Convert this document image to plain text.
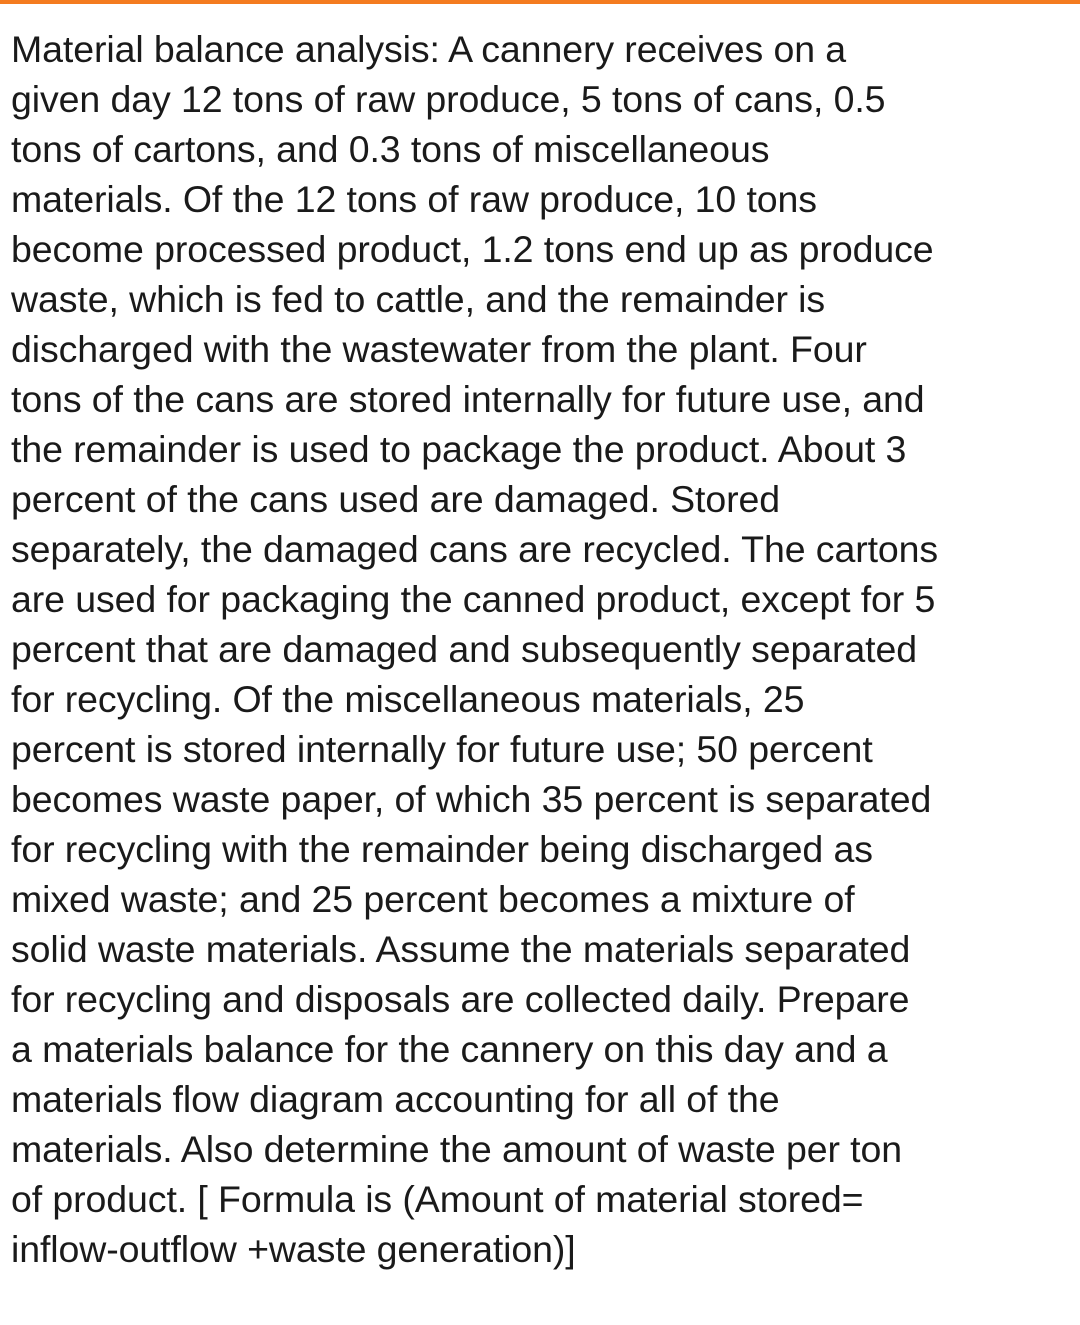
Material balance analysis: A cannery receives on a
given day 12 tons of raw produce, 5 tons of cans, 0.5
tons of cartons, and 0.3 tons of miscellaneous
materials. Of the 12 tons of raw produce, 10 tons
become processed product, 1.2 tons end up as produce
waste, which is fed to cattle, and the remainder is
discharged with the wastewater from the plant. Four
tons of the cans are stored internally for future use, and
the remainder is used to package the product. About 3
percent of the cans used are damaged. Stored
separately, the damaged cans are recycled. The cartons
are used for packaging the canned product, except for 5
percent that are damaged and subsequently separated
for recycling. Of the miscellaneous materials, 25
percent is stored internally for future use; 50 percent
becomes waste paper, of which 35 percent is separated
for recycling with the remainder being discharged as
mixed waste; and 25 percent becomes a mixture of
solid waste materials. Assume the materials separated
for recycling and disposals are collected daily. Prepare
a materials balance for the cannery on this day and a
materials flow diagram accounting for all of the
materials. Also determine the amount of waste per ton
of product. [ Formula is (Amount of material stored=
inflow-outflow +waste generation)]
